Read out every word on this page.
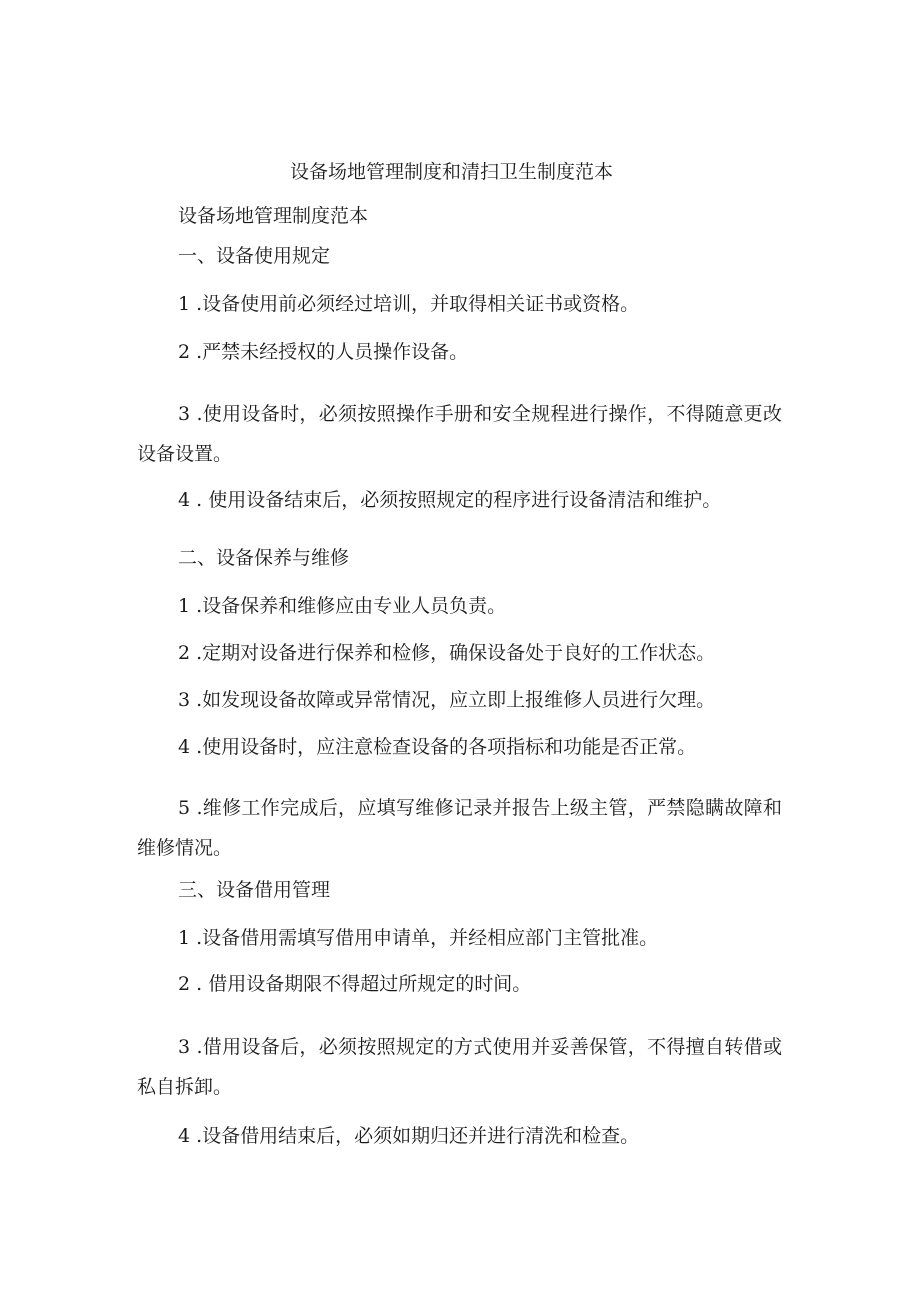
设备场地管理制度和清扫卫生制度范本
设备场地管理制度范本
一、设备使用规定
1 .设备使用前必须经过培训，并取得相关证书或资格。
2 .严禁未经授权的人员操作设备。
3 .使用设备时，必须按照操作手册和安全规程进行操作，不得随意更改设备设置。
4 . 使用设备结束后，必须按照规定的程序进行设备清洁和维护。
二、设备保养与维修
1 .设备保养和维修应由专业人员负责。
2 .定期对设备进行保养和检修，确保设备处于良好的工作状态。
3 .如发现设备故障或异常情况，应立即上报维修人员进行欠理。
4 .使用设备时，应注意检查设备的各项指标和功能是否正常。
5 .维修工作完成后，应填写维修记录并报告上级主管，严禁隐瞒故障和维修情况。
三、设备借用管理
1 .设备借用需填写借用申请单，并经相应部门主管批准。
2 . 借用设备期限不得超过所规定的时间。
3 .借用设备后，必须按照规定的方式使用并妥善保管，不得擅自转借或私自拆卸。
4 .设备借用结束后，必须如期归还并进行清洗和检查。
